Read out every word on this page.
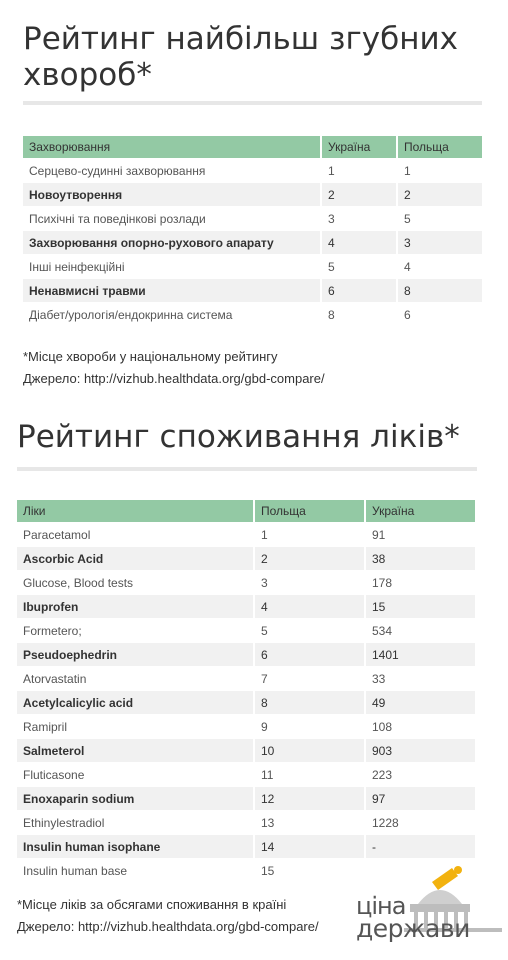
Рейтинг найбільш згубних хвороб*
Захворювання	Україна	Польща
Серцево-судинні захворювання	1	1
Новоутворення	2	2
Психічні та поведінкові розлади	3	5
Захворювання опорно-рухового апарату	4	3
Інші неінфекційні	5	4
Ненавмисні травми	6	8
Діабет/урологія/ендокринна система	8	6
*Місце хвороби у національному рейтингу
Джерело: http://vizhub.healthdata.org/gbd-compare/
Рейтинг споживання ліків*
Ліки	Польща	Україна
Paracetamol	1	91
Ascorbic Acid	2	38
Glucose, Blood tests	3	178
Ibuprofen	4	15
Formetero;	5	534
Pseudoephedrin	6	1401
Atorvastatin	7	33
Acetylcalicylic acid	8	49
Ramipril	9	108
Salmeterol	10	903
Fluticasone	11	223
Enoxaparin sodium	12	97
Ethinylestradiol	13	1228
Insulin human isophane	14	-
Insulin human base	15	
*Місце ліків за обсягами споживання в країні
Джерело: http://vizhub.healthdata.org/gbd-compare/
ціна
держави
